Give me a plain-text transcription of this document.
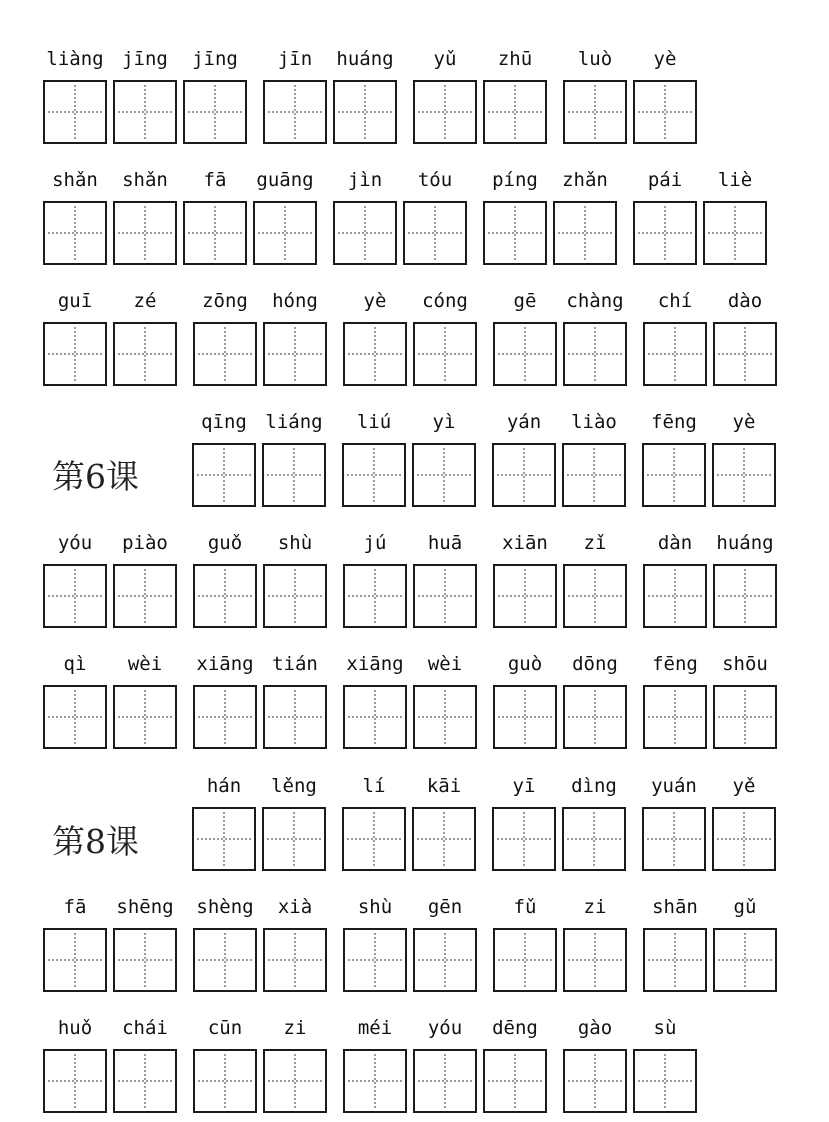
liàng jīng	jīng	jīn	huáng	yǔ	zhū	luò	yè
shǎn	shǎn	fā	guāng	jìn	tóu	píng	zhǎn	pái	liè
guī	zé	zōng	hóng	yè	cóng	gē	chàng	chí	dào
第6课
qīng liáng	liú	yì	yán	liào	fēng	yè
yóu	piào	guǒ	shù	jú	huā	xiān	zǐ	dàn	huáng
qì	wèi	xiāng tián	xiāng	wèi	guò	dōng	fēng	shōu
第8课
hán	lěng	lí	kāi	yī	dìng	yuán	yě
fā	shēng	shèng	xià	shù	gēn	fǔ	zi	shān	gǔ
huǒ	chái	cūn	zi	méi	yóu	dēng	gào	sù
